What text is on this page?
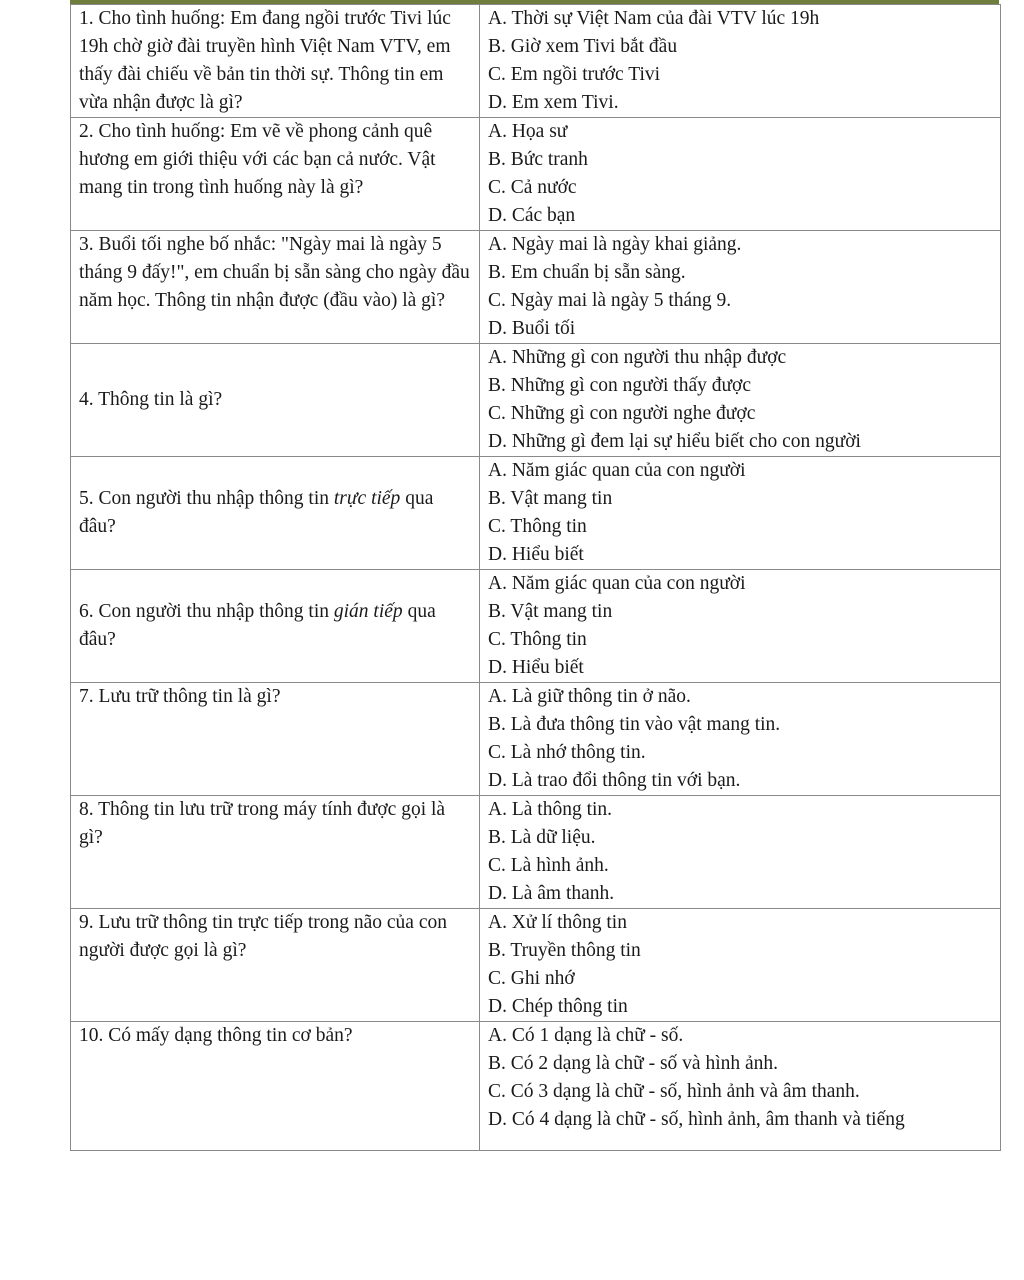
1. Cho tình huống: Em đang ngồi trước Tivi lúc 19h chờ giờ đài truyền hình Việt Nam VTV, em thấy đài chiếu về bản tin thời sự. Thông tin em vừa nhận được là gì?	A. Thời sự Việt Nam của đài VTV lúc 19h
B. Giờ xem Tivi bắt đầu
C. Em ngồi trước Tivi
D. Em xem Tivi.

2. Cho tình huống: Em vẽ về phong cảnh quê hương em giới thiệu với các bạn cả nước. Vật mang tin trong tình huống này là gì?	A. Họa sư
B. Bức tranh
C. Cả nước
D. Các bạn

3. Buổi tối nghe bố nhắc: "Ngày mai là ngày 5 tháng 9 đấy!", em chuẩn bị sẵn sàng cho ngày đầu năm học. Thông tin nhận được (đầu vào) là gì?	A. Ngày mai là ngày khai giảng.
B. Em chuẩn bị sẵn sàng.
C. Ngày mai là ngày 5 tháng 9.
D. Buổi tối

4. Thông tin là gì?	A. Những gì con người thu nhập được
B. Những gì con người thấy được
C. Những gì con người nghe được
D. Những gì đem lại sự hiểu biết cho con người

5. Con người thu nhập thông tin trực tiếp qua đâu?	A. Năm giác quan của con người
B. Vật mang tin
C. Thông tin
D. Hiểu biết

6. Con người thu nhập thông tin gián tiếp qua đâu?	A. Năm giác quan của con người
B. Vật mang tin
C. Thông tin
D. Hiểu biết

7. Lưu trữ thông tin là gì?	A. Là giữ thông tin ở não.
B. Là đưa thông tin vào vật mang tin.
C. Là nhớ thông tin.
D. Là trao đổi thông tin với bạn.

8. Thông tin lưu trữ trong máy tính được gọi là gì?	A. Là thông tin.
B. Là dữ liệu.
C. Là hình ảnh.
D. Là âm thanh.

9. Lưu trữ thông tin trực tiếp trong não của con người được gọi là gì?	A. Xử lí thông tin
B. Truyền thông tin
C. Ghi nhớ
D. Chép thông tin

10. Có mấy dạng thông tin cơ bản?	A. Có 1 dạng là chữ - số.
B. Có 2 dạng là chữ - số và hình ảnh.
C. Có 3 dạng là chữ - số, hình ảnh và âm thanh.
D. Có 4 dạng là chữ - số, hình ảnh, âm thanh và tiếng
